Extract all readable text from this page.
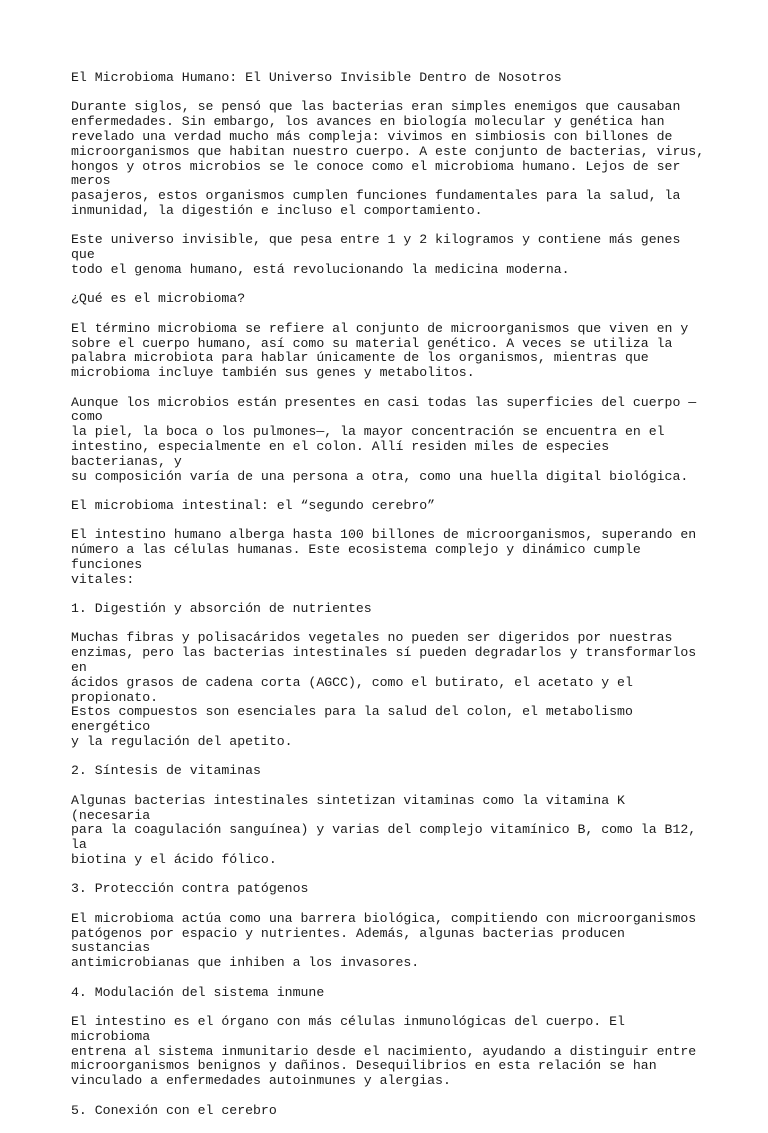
El Microbioma Humano: El Universo Invisible Dentro de Nosotros

Durante siglos, se pensó que las bacterias eran simples enemigos que causaban
enfermedades. Sin embargo, los avances en biología molecular y genética han
revelado una verdad mucho más compleja: vivimos en simbiosis con billones de
microorganismos que habitan nuestro cuerpo. A este conjunto de bacterias, virus,
hongos y otros microbios se le conoce como el microbioma humano. Lejos de ser meros
pasajeros, estos organismos cumplen funciones fundamentales para la salud, la
inmunidad, la digestión e incluso el comportamiento.

Este universo invisible, que pesa entre 1 y 2 kilogramos y contiene más genes que
todo el genoma humano, está revolucionando la medicina moderna.

¿Qué es el microbioma?

El término microbioma se refiere al conjunto de microorganismos que viven en y
sobre el cuerpo humano, así como su material genético. A veces se utiliza la
palabra microbiota para hablar únicamente de los organismos, mientras que
microbioma incluye también sus genes y metabolitos.

Aunque los microbios están presentes en casi todas las superficies del cuerpo —como
la piel, la boca o los pulmones—, la mayor concentración se encuentra en el
intestino, especialmente en el colon. Allí residen miles de especies bacterianas, y
su composición varía de una persona a otra, como una huella digital biológica.

El microbioma intestinal: el “segundo cerebro”

El intestino humano alberga hasta 100 billones de microorganismos, superando en
número a las células humanas. Este ecosistema complejo y dinámico cumple funciones
vitales:

1. Digestión y absorción de nutrientes

Muchas fibras y polisacáridos vegetales no pueden ser digeridos por nuestras
enzimas, pero las bacterias intestinales sí pueden degradarlos y transformarlos en
ácidos grasos de cadena corta (AGCC), como el butirato, el acetato y el propionato.
Estos compuestos son esenciales para la salud del colon, el metabolismo energético
y la regulación del apetito.

2. Síntesis de vitaminas

Algunas bacterias intestinales sintetizan vitaminas como la vitamina K (necesaria
para la coagulación sanguínea) y varias del complejo vitamínico B, como la B12, la
biotina y el ácido fólico.

3. Protección contra patógenos

El microbioma actúa como una barrera biológica, compitiendo con microorganismos
patógenos por espacio y nutrientes. Además, algunas bacterias producen sustancias
antimicrobianas que inhiben a los invasores.

4. Modulación del sistema inmune

El intestino es el órgano con más células inmunológicas del cuerpo. El microbioma
entrena al sistema inmunitario desde el nacimiento, ayudando a distinguir entre
microorganismos benignos y dañinos. Desequilibrios en esta relación se han
vinculado a enfermedades autoinmunes y alergias.

5. Conexión con el cerebro
